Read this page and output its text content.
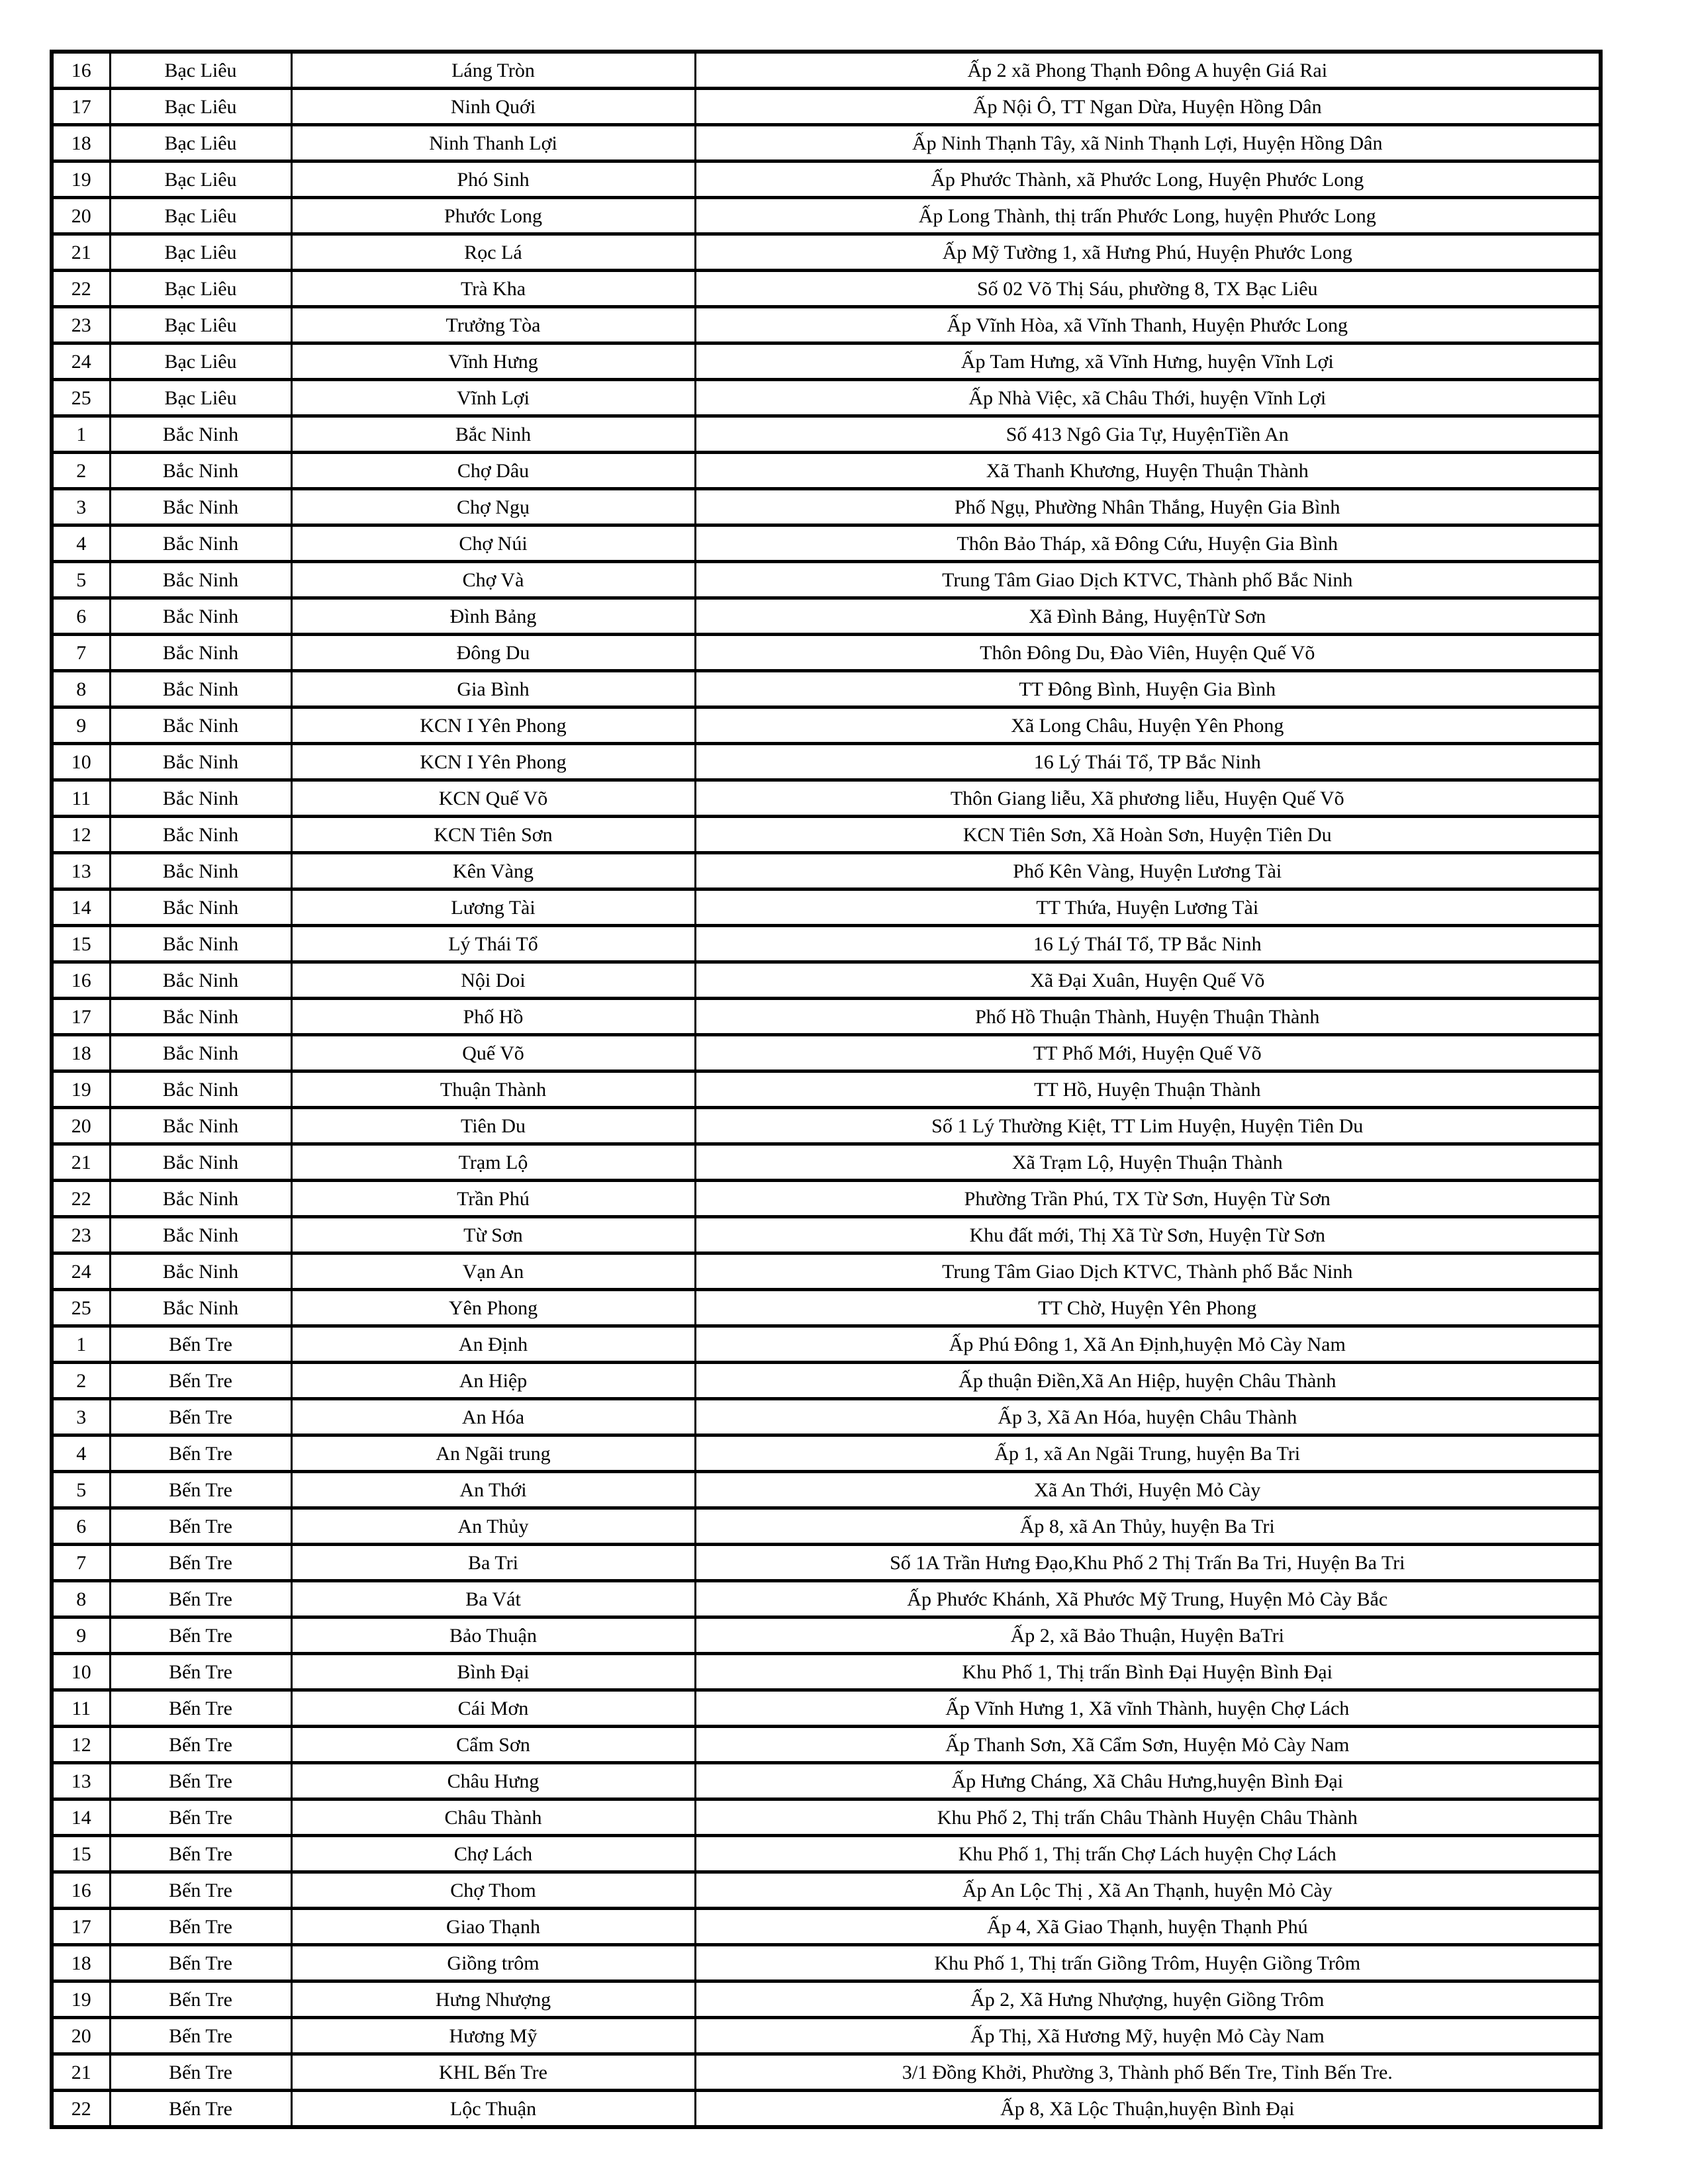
16	Bạc Liêu	Láng Tròn	Ấp 2 xã Phong Thạnh Đông A huyện Giá Rai
17	Bạc Liêu	Ninh Quới	Ấp Nội Ô, TT Ngan Dừa, Huyện Hồng Dân
18	Bạc Liêu	Ninh Thanh Lợi	Ấp Ninh Thạnh Tây, xã Ninh Thạnh Lợi, Huyện Hồng Dân
19	Bạc Liêu	Phó Sinh	Ấp Phước Thành, xã Phước Long, Huyện Phước Long
20	Bạc Liêu	Phước Long	Ấp Long Thành, thị trấn Phước Long, huyện Phước Long
21	Bạc Liêu	Rọc Lá	Ấp Mỹ Tường 1, xã Hưng Phú, Huyện Phước Long
22	Bạc Liêu	Trà Kha	Số 02 Võ Thị Sáu, phường 8, TX Bạc Liêu
23	Bạc Liêu	Trưởng Tòa	Ấp Vĩnh Hòa, xã Vĩnh Thanh, Huyện Phước Long
24	Bạc Liêu	Vĩnh Hưng	Ấp Tam Hưng, xã Vĩnh Hưng, huyện Vĩnh Lợi
25	Bạc Liêu	Vĩnh Lợi	Ấp Nhà Việc, xã Châu Thới, huyện Vĩnh Lợi
1	Bắc Ninh	Bắc Ninh	Số 413 Ngô Gia Tự, HuyệnTiền An
2	Bắc Ninh	Chợ Dâu	Xã Thanh Khương, Huyện Thuận Thành
3	Bắc Ninh	Chợ Ngụ	Phố Ngụ, Phường Nhân Thắng, Huyện Gia Bình
4	Bắc Ninh	Chợ Núi	Thôn Bảo Tháp, xã Đông Cứu, Huyện Gia Bình
5	Bắc Ninh	Chợ Và	Trung Tâm Giao Dịch KTVC, Thành phố Bắc Ninh
6	Bắc Ninh	Đình Bảng	Xã Đình Bảng, HuyệnTừ Sơn
7	Bắc Ninh	Đông Du	Thôn Đông Du, Đào Viên, Huyện Quế Võ
8	Bắc Ninh	Gia Bình	TT Đông Bình, Huyện Gia Bình
9	Bắc Ninh	KCN I Yên Phong	Xã Long Châu, Huyện Yên Phong
10	Bắc Ninh	KCN I Yên Phong	16 Lý Thái Tổ, TP Bắc Ninh
11	Bắc Ninh	KCN Quế Võ	Thôn Giang liễu, Xã phương liễu, Huyện Quế Võ
12	Bắc Ninh	KCN Tiên Sơn	KCN Tiên Sơn, Xã Hoàn Sơn, Huyện Tiên Du
13	Bắc Ninh	Kên Vàng	Phố Kên Vàng, Huyện Lương Tài
14	Bắc Ninh	Lương Tài	TT Thứa, Huyện Lương Tài
15	Bắc Ninh	Lý Thái Tổ	16 Lý TháI Tổ, TP Bắc Ninh
16	Bắc Ninh	Nội Doi	Xã Đại Xuân, Huyện Quế Võ
17	Bắc Ninh	Phố Hồ	Phố Hồ Thuận Thành, Huyện Thuận Thành
18	Bắc Ninh	Quế Võ	TT Phố Mới, Huyện Quế Võ
19	Bắc Ninh	Thuận Thành	TT Hồ, Huyện Thuận Thành
20	Bắc Ninh	Tiên Du	Số 1 Lý Thường Kiệt, TT Lim Huyện, Huyện Tiên Du
21	Bắc Ninh	Trạm Lộ	Xã Trạm Lộ, Huyện Thuận Thành
22	Bắc Ninh	Trần Phú	Phường Trần Phú, TX Từ Sơn, Huyện Từ Sơn
23	Bắc Ninh	Từ Sơn	Khu đất mới, Thị Xã Từ Sơn, Huyện Từ Sơn
24	Bắc Ninh	Vạn An	Trung Tâm Giao Dịch KTVC, Thành phố Bắc Ninh
25	Bắc Ninh	Yên Phong	TT Chờ, Huyện Yên Phong
1	Bến Tre	An Định	Ấp Phú Đông 1, Xã An Định,huyện Mỏ Cày Nam
2	Bến Tre	An Hiệp	Ấp thuận Điền,Xã An Hiệp, huyện Châu Thành
3	Bến Tre	An Hóa	Ấp 3, Xã An Hóa, huyện Châu Thành
4	Bến Tre	An Ngãi trung	Ấp 1, xã An Ngãi Trung, huyện Ba Tri
5	Bến Tre	An Thới	Xã An Thới, Huyện Mỏ Cày
6	Bến Tre	An Thủy	Ấp 8, xã An Thủy, huyện Ba Tri
7	Bến Tre	Ba Tri	Số 1A Trần Hưng Đạo,Khu Phố 2 Thị Trấn Ba Tri, Huyện Ba Tri
8	Bến Tre	Ba Vát	Ấp Phước Khánh, Xã Phước Mỹ Trung, Huyện Mỏ Cày Bắc
9	Bến Tre	Bảo Thuận	Ấp 2, xã Bảo Thuận, Huyện BaTri
10	Bến Tre	Bình Đại	Khu Phố 1, Thị trấn Bình Đại Huyện Bình Đại
11	Bến Tre	Cái Mơn	Ấp Vĩnh Hưng 1, Xã vĩnh Thành, huyện Chợ Lách
12	Bến Tre	Cẩm Sơn	Ấp Thanh Sơn, Xã Cẩm Sơn, Huyện Mỏ Cày Nam
13	Bến Tre	Châu Hưng	Ấp Hưng Cháng, Xã Châu Hưng,huyện Bình Đại
14	Bến Tre	Châu Thành	Khu Phố 2, Thị trấn Châu Thành Huyện Châu Thành
15	Bến Tre	Chợ Lách	Khu Phố 1, Thị trấn Chợ Lách huyện Chợ Lách
16	Bến Tre	Chợ Thom	Ấp An Lộc Thị , Xã An Thạnh, huyện Mỏ Cày
17	Bến Tre	Giao Thạnh	Ấp 4, Xã Giao Thạnh, huyện Thạnh Phú
18	Bến Tre	Giồng trôm	Khu Phố 1, Thị trấn Giồng Trôm, Huyện Giồng Trôm
19	Bến Tre	Hưng Nhượng	Ấp 2, Xã Hưng Nhượng, huyện Giồng Trôm
20	Bến Tre	Hương Mỹ	Ấp Thị, Xã Hương Mỹ, huyện Mỏ Cày Nam
21	Bến Tre	KHL Bến Tre	3/1 Đồng Khởi, Phường 3, Thành phố Bến Tre, Tỉnh Bến Tre.
22	Bến Tre	Lộc Thuận	Ấp 8, Xã Lộc Thuận,huyện Bình Đại
